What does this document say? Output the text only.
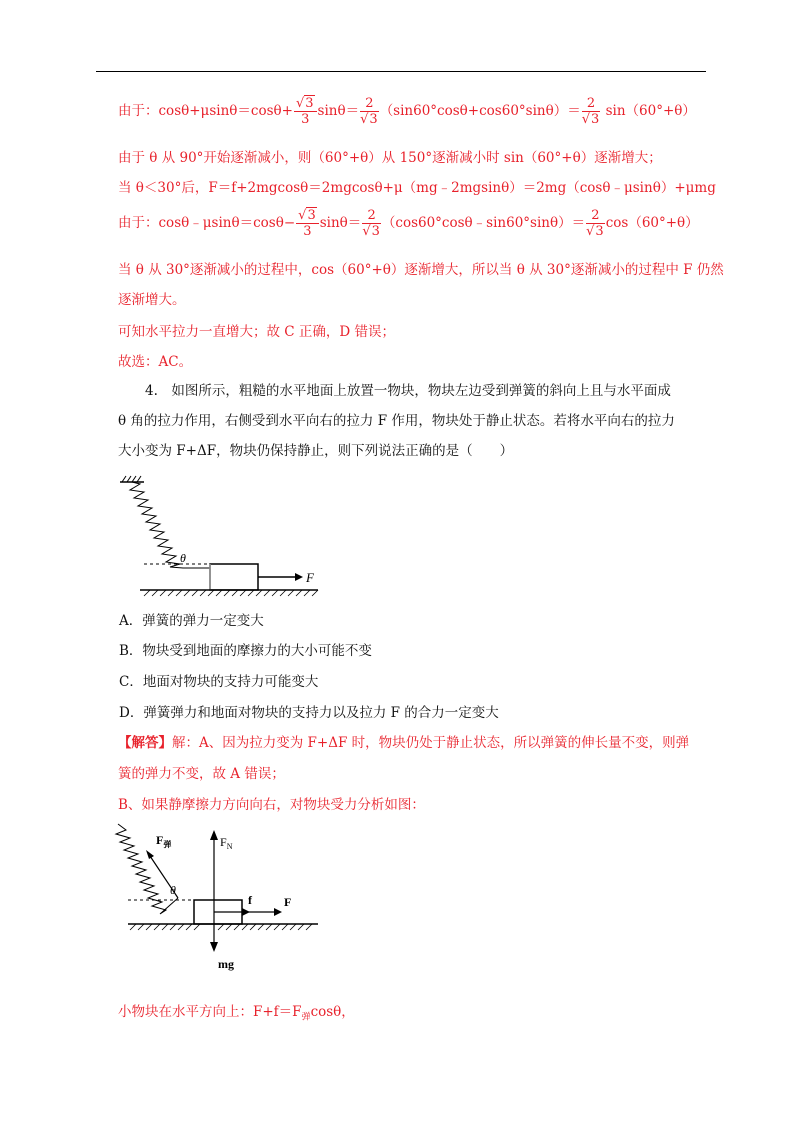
由于：$\cos\theta+\mu\sin\theta=\cos\theta+ \frac{√3}{3} \sin\theta= \frac{2}{√3} (\sin 60^\circ\cos\theta+\cos 60^\circ\sin\theta)= \frac{2}{√3} \sin(60^\circ+\theta)$
由于 θ 从 90°开始逐渐减小，则（60°+θ）从 150°逐渐减小时 sin（60°+θ）逐渐增大；
当 θ＜30°后，F＝f+2mgcosθ＝2mgcosθ+μ（mg﹣2mgsinθ）＝2mg（cosθ﹣μsinθ）+μmg
由于：cosθ﹣μsinθ＝cosθ− $\frac{√3}{3} \sin\theta= \frac{2}{√3}$ （cos60°cosθ﹣sin60°sinθ）＝ $\frac{2}{√3} \cos(60^\circ+\theta)$
当 θ 从 30°逐渐减小的过程中，cos（60°+θ）逐渐增大，所以当 θ 从 30°逐渐减小的过程中 F 仍然
逐渐增大。
可知水平拉力一直增大；故 C 正确，D 错误；
故选：AC。
4.　如图所示，粗糙的水平地面上放置一物块，物块左边受到弹簧的斜向上且与水平面成
θ 角的拉力作用，右侧受到水平向右的拉力 F 作用，物块处于静止状态。若将水平向右的拉力
大小变为 F+ΔF，物块仍保持静止，则下列说法正确的是（　　）
θ
F
A．弹簧的弹力一定变大
B．物块受到地面的摩擦力的大小可能不变
C．地面对物块的支持力可能变大
D．弹簧弹力和地面对物块的支持力以及拉力 F 的合力一定变大
【解答】解：A、因为拉力变为 F+ΔF 时，物块仍处于静止状态，所以弹簧的伸长量不变，则弹
簧的弹力不变，故 A 错误；
B、如果静摩擦力方向向右，对物块受力分析如图：
$F_弹$	$F_N$
θ
f	F
mg
小物块在水平方向上：$F+f=F_弹\cos\theta$，
